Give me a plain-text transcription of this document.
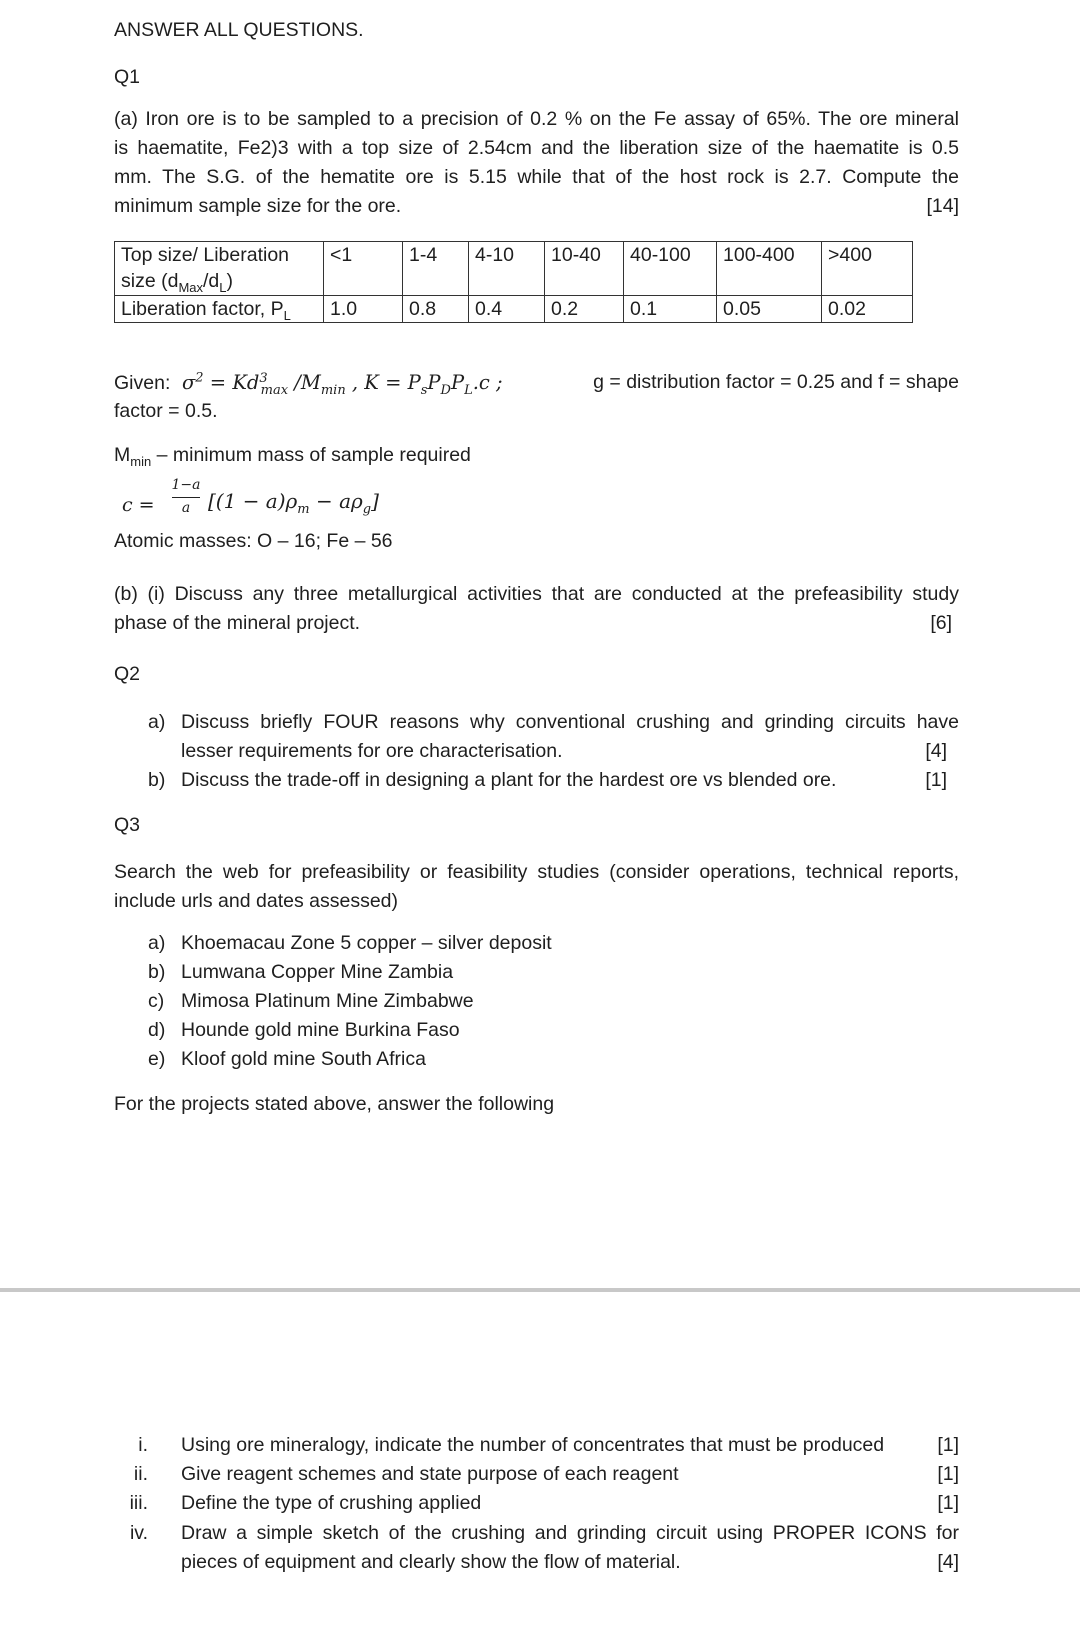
ANSWER ALL QUESTIONS.
Q1
(a) Iron ore is to be sampled to a precision of 0.2 % on the Fe assay of 65%. The ore mineral
is haematite, Fe2)3 with a top size of 2.54cm and the liberation size of the haematite is 0.5
mm. The S.G. of the hematite ore is 5.15 while that of the host rock is 2.7. Compute the
minimum sample size for the ore.	[14]
Top size/ Liberation size $(d_{Max}/d_L)$	<1	1-4	4-10	10-40	40-100	100-400	>400
Liberation factor, $P_L$	1.0	0.8	0.4	0.2	0.1	0.05	0.02
Given:  $\sigma^2 = Kd^3_{max}$ $/M_{min}$ , $K = P_sP_DP_L.c$ ;	g = distribution factor = 0.25 and f = shape
factor = 0.5.
$M_{min}$ – minimum mass of sample required
c =
1−a
a $[(1 - a)\rho_m - a\rho_g]$
Atomic masses: O – 16; Fe – 56
(b) (i) Discuss any three metallurgical activities that are conducted at the prefeasibility study
phase of the mineral project.	[6]
Q2
a) Discuss briefly FOUR reasons why conventional crushing and grinding circuits have
lesser requirements for ore characterisation.	[4]
b) Discuss the trade-off in designing a plant for the hardest ore vs blended ore.	[1]
Q3
Search the web for prefeasibility or feasibility studies (consider operations, technical reports,
include urls and dates assessed)
a) Khoemacau Zone 5 copper – silver deposit
b) Lumwana Copper Mine Zambia
c) Mimosa Platinum Mine Zimbabwe
d) Hounde gold mine Burkina Faso
e) Kloof gold mine South Africa
For the projects stated above, answer the following
i. Using ore mineralogy, indicate the number of concentrates that must be produced	[1]
ii. Give reagent schemes and state purpose of each reagent	[1]
iii. Define the type of crushing applied	[1]
iv. Draw a simple sketch of the crushing and grinding circuit using PROPER ICONS for
pieces of equipment and clearly show the flow of material.	[4]
